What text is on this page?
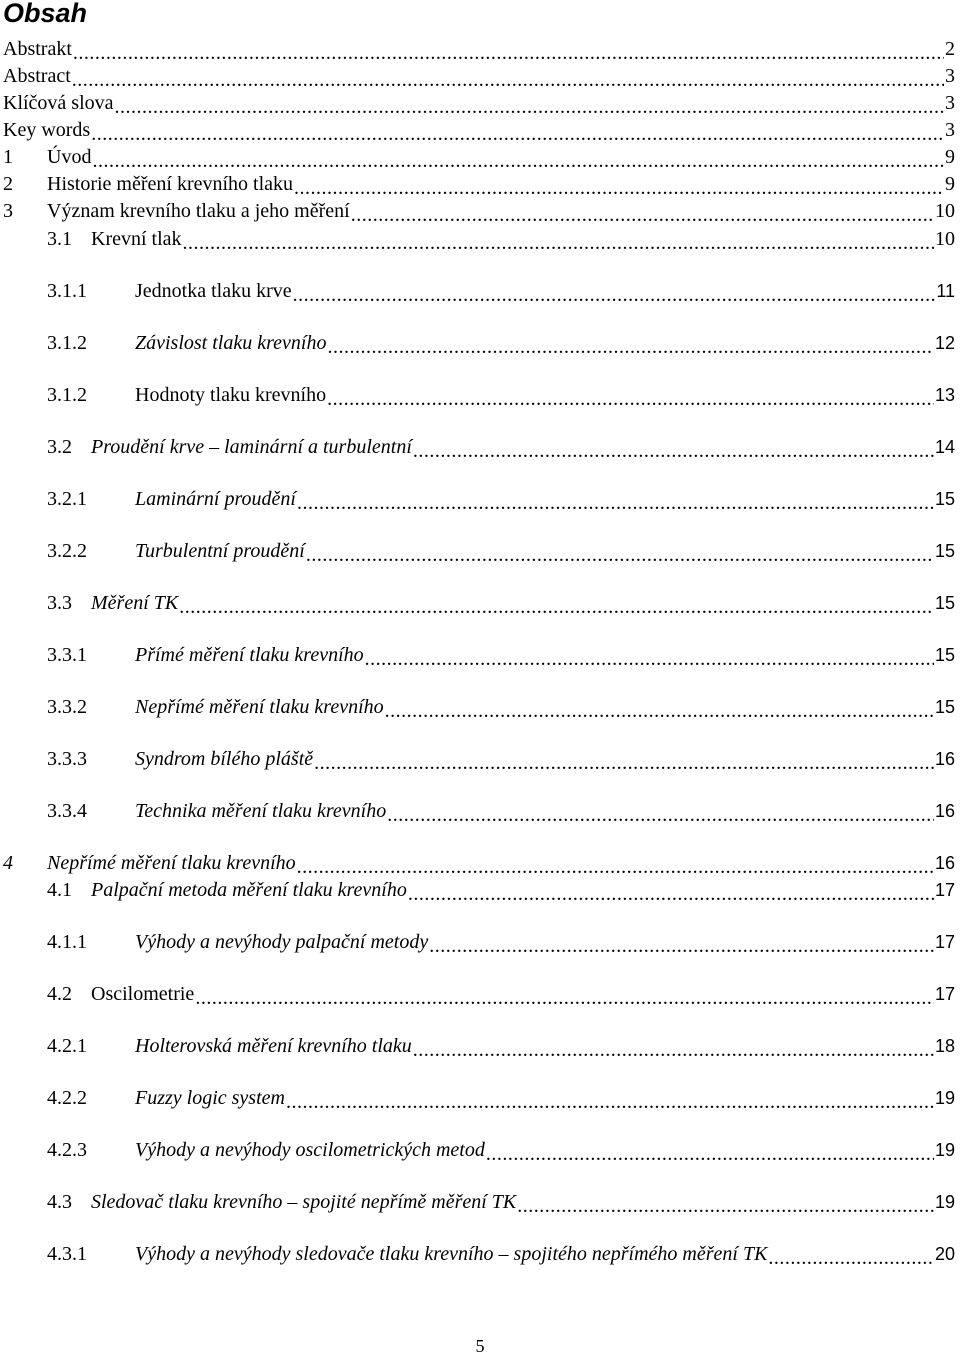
Obsah
Abstrakt .....	2
Abstract .....	3
Klíčová slova .....	3
Key words .....	3
1 Úvod .....	9
2 Historie měření krevního tlaku .....	9
3 Význam krevního tlaku a jeho měření .....	10
3.1 Krevní tlak .....	10
3.1.1 Jednotka tlaku krve .....	11
3.1.2 Závislost tlaku krevního .....	12
3.1.2 Hodnoty tlaku krevního .....	13
3.2 Proudění krve – laminární a turbulentní .....	14
3.2.1 Laminární proudění .....	15
3.2.2 Turbulentní proudění .....	15
3.3 Měření TK .....	15
3.3.1 Přímé měření tlaku krevního .....	15
3.3.2 Nepřímé měření tlaku krevního .....	15
3.3.3 Syndrom bílého pláště .....	16
3.3.4 Technika měření tlaku krevního .....	16
4 Nepřímé měření tlaku krevního .....	16
4.1 Palpační metoda měření tlaku krevního .....	17
4.1.1 Výhody a nevýhody palpační metody .....	17
4.2 Oscilometrie .....	17
4.2.1 Holterovská měření krevního tlaku .....	18
4.2.2 Fuzzy logic system .....	19
4.2.3 Výhody a nevýhody oscilometrických metod .....	19
4.3 Sledovač tlaku krevního – spojité nepřímě měření TK .....	19
4.3.1 Výhody a nevýhody sledovače tlaku krevního – spojitého nepřímého měření TK .....	20
5
